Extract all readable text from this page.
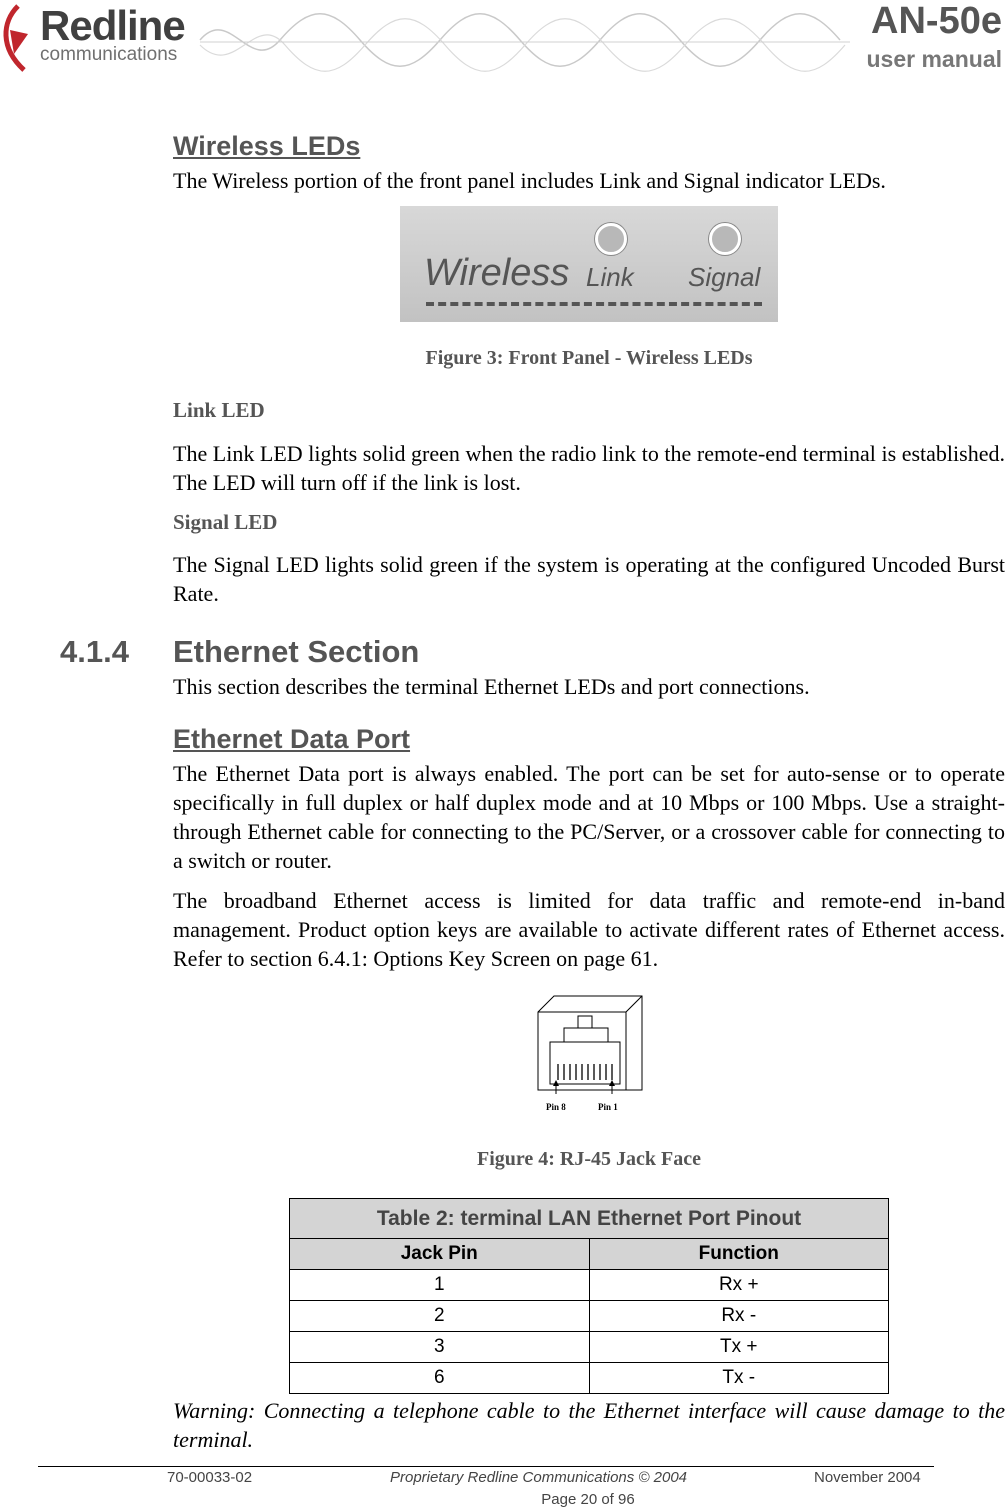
Redline
communications
AN-50e
user manual
Wireless LEDs
The Wireless portion of the front panel includes Link and Signal indicator LEDs.
Wireless Link Signal
Figure 3: Front Panel - Wireless LEDs
Link LED
The Link LED lights solid green when the radio link to the remote-end terminal is established. The LED will turn off if the link is lost.
Signal LED
The Signal LED lights solid green if the system is operating at the configured Uncoded Burst Rate.
4.1.4 Ethernet Section
This section describes the terminal Ethernet LEDs and port connections.
Ethernet Data Port
The Ethernet Data port is always enabled. The port can be set for auto-sense or to operate specifically in full duplex or half duplex mode and at 10 Mbps or 100 Mbps. Use a straight-through Ethernet cable for connecting to the PC/Server, or a crossover cable for connecting to a switch or router.
The broadband Ethernet access is limited for data traffic and remote-end in-band management. Product option keys are available to activate different rates of Ethernet access. Refer to section 6.4.1: Options Key Screen on page 61.
Pin 8	Pin 1
Figure 4: RJ-45 Jack Face
Table 2: terminal LAN Ethernet Port Pinout	
Jack Pin	Function
1	Rx +
2	Rx -
3	Tx +
6	Tx -
Warning: Connecting a telephone cable to the Ethernet interface will cause damage to the terminal.
70-00033-02	Proprietary Redline Communications © 2004	November 2004
Page 20 of 96
